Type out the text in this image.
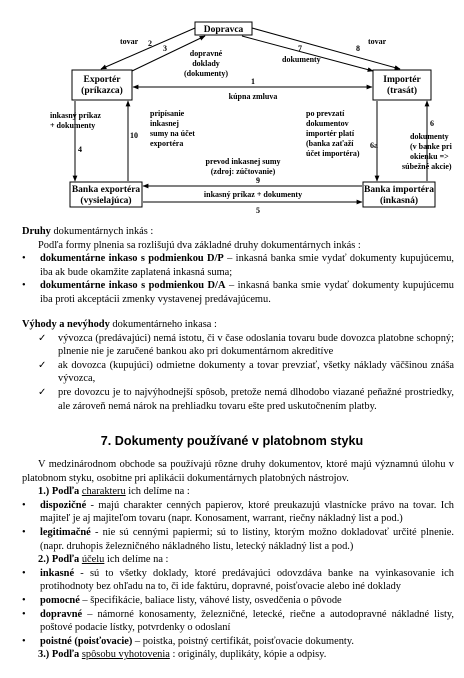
Dopravca
Exportér
(príkazca)
Importér
(trasát)
Banka exportéra
(vysielajúca)
Banka importéra
(inkasná)
tovar	tovar
2
3	7	8
dopravné
doklady
(dokumenty)
dokumenty
1
kúpna zmluva
inkasný príkaz
+ dokumenty
4
10
pripísanie
inkasnej
sumy na účet
exportéra
po prevzatí
dokumentov
importér platí
(banka zaťaží
účet importéra)
6a
6
dokumenty
(v banke pri
okienku =>
súbežné akcie)
prevod inkasnej sumy
(zdroj: zúčtovanie)
9
inkasný príkaz + dokumenty
5

Druhy dokumentárnych inkás :

Podľa formy plnenia sa rozlišujú dva základné druhy dokumentárnych inkás :

• dokumentárne inkaso s podmienkou D/P – inkasná banka smie vydať dokumenty kupujúcemu, iba ak bude okamžite zaplatená inkasná suma;
• dokumentárne inkaso s podmienkou D/A – inkasná banka smie vydať dokumenty kupujúcemu iba proti akceptácii zmenky vystavenej predávajúcemu.

Výhody a nevýhody dokumentárneho inkasa :

✓ vývozca (predávajúci) nemá istotu, či v čase odoslania tovaru bude dovozca platobne schopný; plnenie nie je zaručené bankou ako pri dokumentárnom akreditíve
✓ ak dovozca (kupujúci) odmietne dokumenty a tovar prevziať, všetky náklady väčšinou znáša vývozca,
✓ pre dovozcu je to najvýhodnejší spôsob, pretože nemá dlhodobo viazané peňažné prostriedky, ale zároveň nemá nárok na prehliadku tovaru ešte pred uskutočnením platby.
7. Dokumenty používané v platobnom styku

V medzinárodnom obchode sa používajú rôzne druhy dokumentov, ktoré majú významnú úlohu v platobnom styku, osobitne pri aplikácii dokumentárnych platobných nástrojov.

1.) Podľa charakteru ich delíme na :

• dispozičné - majú charakter cenných papierov, ktoré preukazujú vlastnícke právo na tovar. Ich majiteľ je aj majiteľom tovaru (napr. Konosament, warrant, riečny nákladný list a pod.)
• legitimačné - nie sú cennými papiermi; sú to listiny, ktorým možno dokladovať určité plnenie. (napr. druhopis železničného nákladného listu, letecký nákladný list a pod.)

2.) Podľa účelu ich delíme na :

• inkasné - sú to všetky doklady, ktoré predávajúci odovzdáva banke na vyinkasovanie ich protihodnoty bez ohľadu na to, či ide faktúru, dopravné, poisťovacie alebo iné doklady
• pomocné – špecifikácie, baliace listy, váhové listy, osvedčenia o pôvode
• dopravné – námorné konosamenty, železničné, letecké, riečne a autodopravné nákladné listy, poštové podacie lístky, potvrdenky o odoslaní
• poistné (poisťovacie) – poistka, poistný certifikát, poisťovacie dokumenty.

3.) Podľa spôsobu vyhotovenia : originály, duplikáty, kópie a odpisy.
